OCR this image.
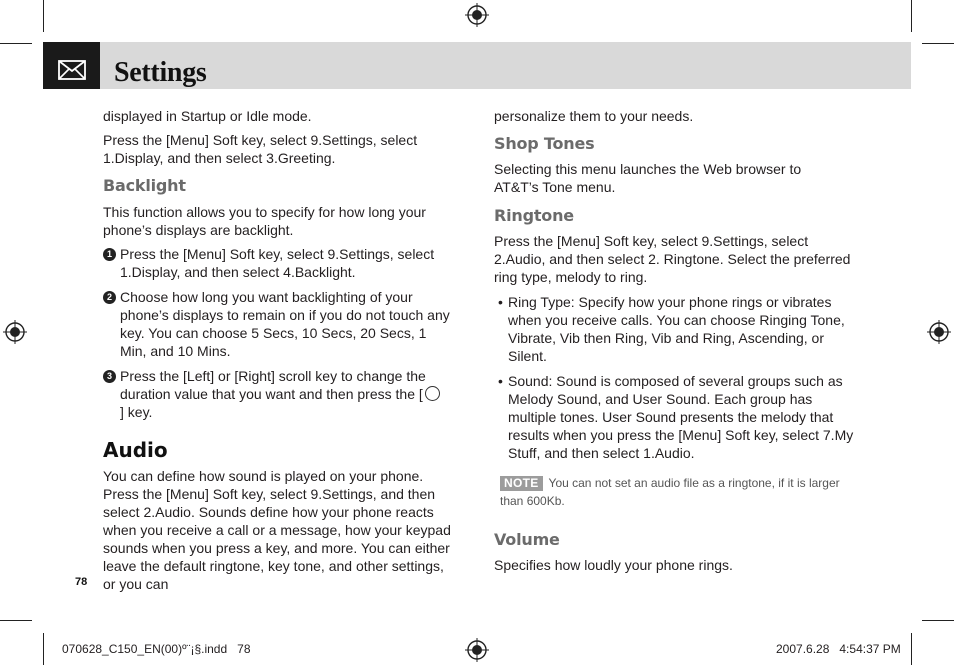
Settings

displayed in Startup or Idle mode.

Press the [Menu] Soft key, select 9.Settings, select 1.Display, and then select 3.Greeting.

Backlight

This function allows you to specify for how long your phone’s displays are backlight.

1 Press the [Menu] Soft key, select 9.Settings, select 1.Display, and then select 4.Backlight.
2 Choose how long you want backlighting of your phone’s displays to remain on if you do not touch any key. You can choose 5 Secs, 10 Secs, 20 Secs, 1 Min, and 10 Mins.
3 Press the [Left] or [Right] scroll key to change the duration value that you want and then press the [] key.
Audio

You can define how sound is played on your phone. Press the [Menu] Soft key, select 9.Settings, and then select 2.Audio. Sounds define how your phone reacts when you receive a call or a message, how your keypad sounds when you press a key, and more. You can either leave the default ringtone, key tone, and other settings, or you can

78

personalize them to your needs.

Shop Tones

Selecting this menu launches the Web browser to AT&T’s Tone menu.

Ringtone

Press the [Menu] Soft key, select 9.Settings, select 2.Audio, and then select 2. Ringtone. Select the preferred ring type, melody to ring.

• Ring Type: Specify how your phone rings or vibrates when you receive calls. You can choose Ringing Tone, Vibrate, Vib then Ring, Vib and Ring, Ascending, or Silent.
• Sound: Sound is composed of several groups such as Melody Sound, and User Sound. Each group has multiple tones. User Sound presents the melody that results when you press the [Menu] Soft key, select 7.My Stuff, and then select 1.Audio.
NOTE You can not set an audio file as a ringtone, if it is larger than 600Kb.
Volume

Specifies how loudly your phone rings.

070628_C150_EN(00)º¨¡§.indd   78	2007.6.28   4:54:37 PM
